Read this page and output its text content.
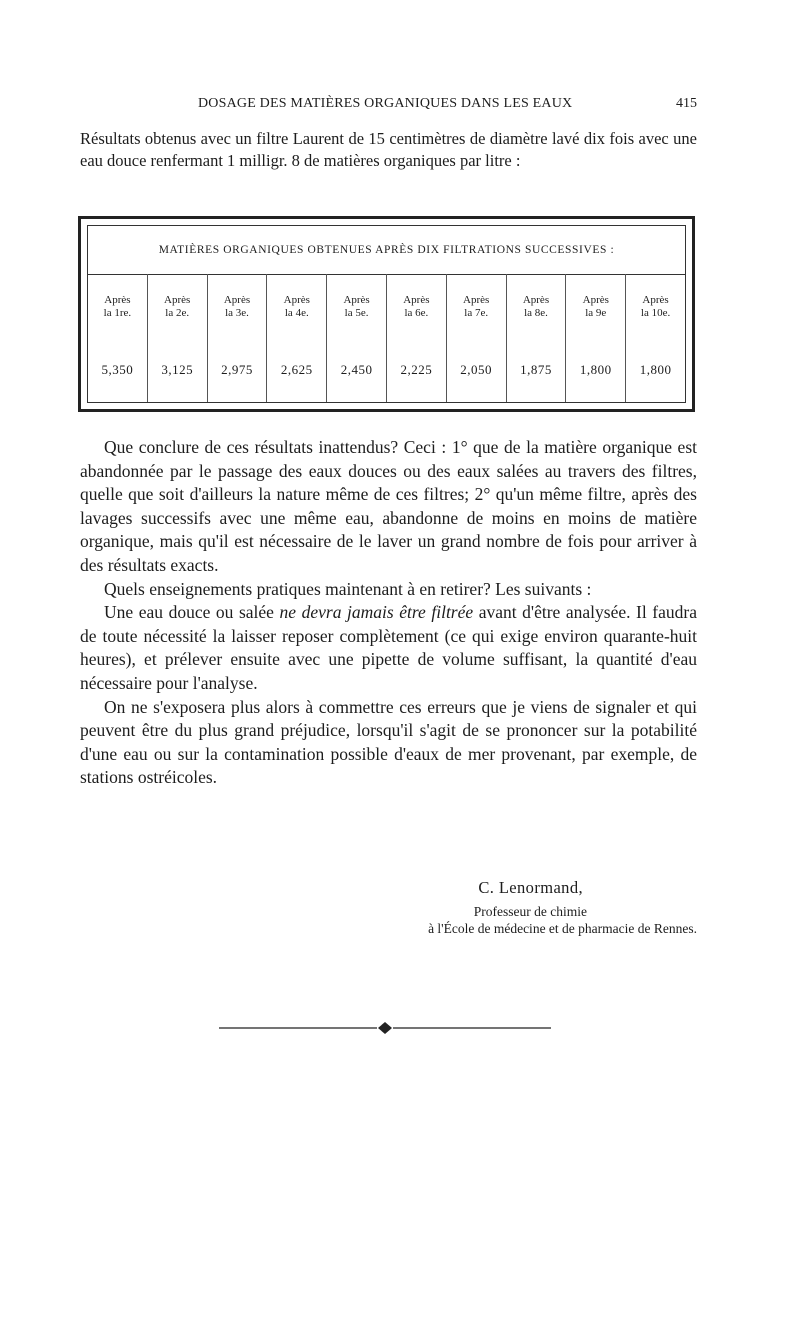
DOSAGE DES MATIÈRES ORGANIQUES DANS LES EAUX	415

Résultats obtenus avec un filtre Laurent de 15 centimètres de diamètre lavé dix fois avec une eau douce renfermant 1 milligr. 8 de matières organiques par litre :

MATIÈRES ORGANIQUES OBTENUES APRÈS DIX FILTRATIONS SUCCESSIVES :
Après
la 1re.
5,350
Après
la 2e.
3,125
Après
la 3e.
2,975
Après
la 4e.
2,625
Après
la 5e.
2,450
Après
la 6e.
2,225
Après
la 7e.
2,050
Après
la 8e.
1,875
Après
la 9e
1,800
Après
la 10e.
1,800

Que conclure de ces résultats inattendus? Ceci : 1° que de la matière organique est abandonnée par le passage des eaux douces ou des eaux salées au travers des filtres, quelle que soit d'ailleurs la nature même de ces filtres; 2° qu'un même filtre, après des lavages successifs avec une même eau, abandonne de moins en moins de matière organique, mais qu'il est nécessaire de le laver un grand nombre de fois pour arriver à des résultats exacts.

Quels enseignements pratiques maintenant à en retirer? Les suivants :

Une eau douce ou salée ne devra jamais être filtrée avant d'être analysée. Il faudra de toute nécessité la laisser reposer complètement (ce qui exige environ quarante-huit heures), et prélever ensuite avec une pipette de volume suffisant, la quantité d'eau nécessaire pour l'analyse.

On ne s'exposera plus alors à commettre ces erreurs que je viens de signaler et qui peuvent être du plus grand préjudice, lorsqu'il s'agit de se prononcer sur la potabilité d'une eau ou sur la contamination possible d'eaux de mer provenant, par exemple, de stations ostréicoles.

C. Lenormand,
Professeur de chimie
à l'École de médecine et de pharmacie de Rennes.
